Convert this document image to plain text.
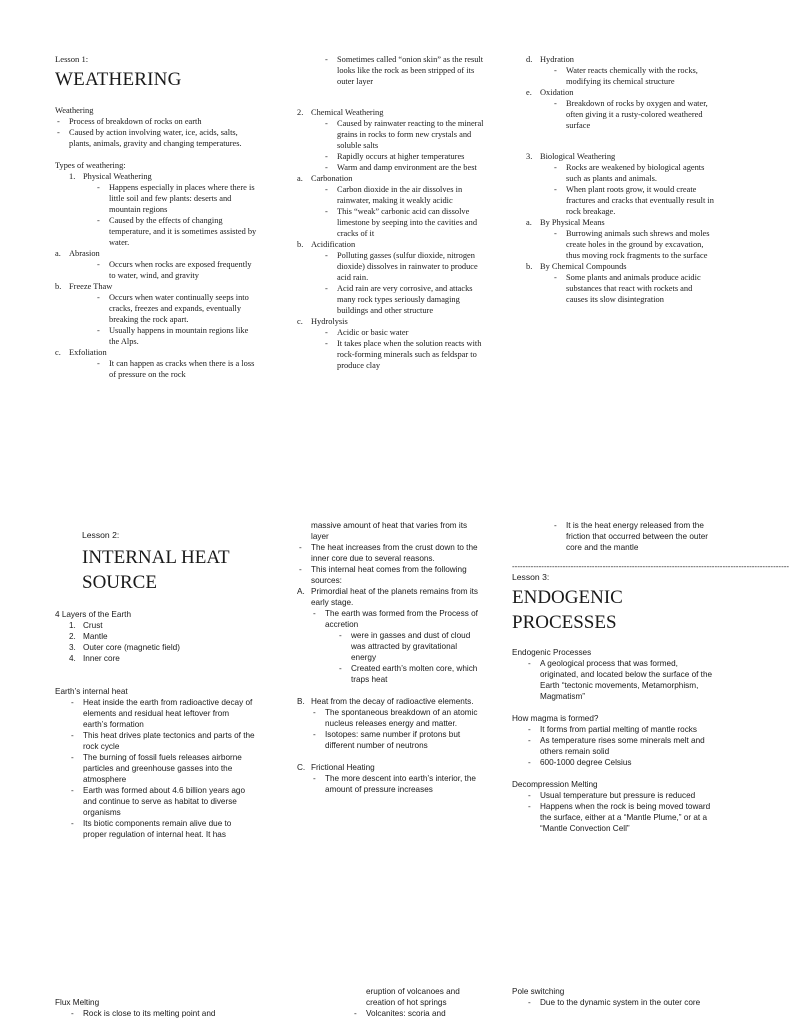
Lesson 1:

WEATHERING

Weathering

- Process of breakdown of rocks on earth
- Caused by action involving water, ice, acids, salts, plants, animals, gravity and changing temperatures.

Types of weathering:

1. Physical Weathering
- Happens especially in places where there is little soil and few plants: deserts and mountain regions
- Caused by the effects of changing temperature, and it is sometimes assisted by water.
a. Abrasion
- Occurs when rocks are exposed frequently to water, wind, and gravity
b. Freeze Thaw
- Occurs when water continually seeps into cracks, freezes and expands, eventually breaking the rock apart.
- Usually happens in mountain regions like the Alps.
c. Exfoliation
- It can happen as cracks when there is a loss of pressure on the rock
- Sometimes called “onion skin” as the result looks like the rock as been stripped of its outer layer
2. Chemical Weathering
- Caused by rainwater reacting to the mineral grains in rocks to form new crystals and soluble salts
- Rapidly occurs at higher temperatures
- Warm and damp environment are the best
a. Carbonation
- Carbon dioxide in the air dissolves in rainwater, making it weakly acidic
- This “weak” carbonic acid can dissolve limestone by seeping into the cavities and cracks of it
b. Acidification
- Polluting gasses (sulfur dioxide, nitrogen dioxide) dissolves in rainwater to produce acid rain.
- Acid rain are very corrosive, and attacks many rock types seriously damaging buildings and other structure
c. Hydrolysis
- Acidic or basic water
- It takes place when the solution reacts with rock-forming minerals such as feldspar to produce clay
d. Hydration
- Water reacts chemically with the rocks, modifying its chemical structure
e. Oxidation
- Breakdown of rocks by oxygen and water, often giving it a rusty-colored weathered surface
3. Biological Weathering
- Rocks are weakened by biological agents such as plants and animals.
- When plant roots grow, it would create fractures and cracks that eventually result in rock breakage.
a. By Physical Means
- Burrowing animals such shrews and moles create holes in the ground by excavation, thus moving rock fragments to the surface
b. By Chemical Compounds
- Some plants and animals produce acidic substances that react with rockets and causes its slow disintegration

Lesson 2:

INTERNAL HEAT
SOURCE

4 Layers of the Earth

1. Crust
2. Mantle
3. Outer core (magnetic field)
4. Inner core

Earth’s internal heat

- Heat inside the earth from radioactive decay of elements and residual heat leftover from earth’s formation
- This heat drives plate tectonics and parts of the rock cycle
- The burning of fossil fuels releases airborne particles and greenhouse gasses into the atmosphere
- Earth was formed about 4.6 billion years ago and continue to serve as habitat to diverse organisms
- Its biotic components remain alive due to proper regulation of internal heat. It has

massive amount of heat that varies from its layer

- The heat increases from the crust down to the inner core due to several reasons.
- This internal heat comes from the following sources:
A. Primordial heat of the planets remains from its early stage.
- The earth was formed from the Process of accretion
- were in gasses and dust of cloud was attracted by gravitational energy
- Created earth’s molten core, which traps heat
B. Heat from the decay of radioactive elements.
- The spontaneous breakdown of an atomic nucleus releases energy and matter.
- Isotopes: same number if protons but different number of neutrons
C. Frictional Heating
- The more descent into earth’s interior, the amount of pressure increases
- It is the heat energy released from the friction that occurred between the outer core and the mantle
--------------------------------------------------------------------------------------------------------

Lesson 3:

ENDOGENIC
PROCESSES

Endogenic Processes

- A geological process that was formed, originated, and located below the surface of the Earth “tectonic movements, Metamorphism, Magmatism”

How magma is formed?

- It forms from partial melting of mantle rocks
- As temperature rises some minerals melt and others remain solid
- 600-1000 degree Celsius

Decompression Melting

- Usual temperature but pressure is reduced
- Happens when the rock is being moved toward the surface, either at a “Mantle Plume,” or at a “Mantle Convection Cell”

Flux Melting

- Rock is close to its melting point and

eruption of volcanoes and

creation of hot springs

- Volcanites: scoria and

Pole switching

- Due to the dynamic system in the outer core
